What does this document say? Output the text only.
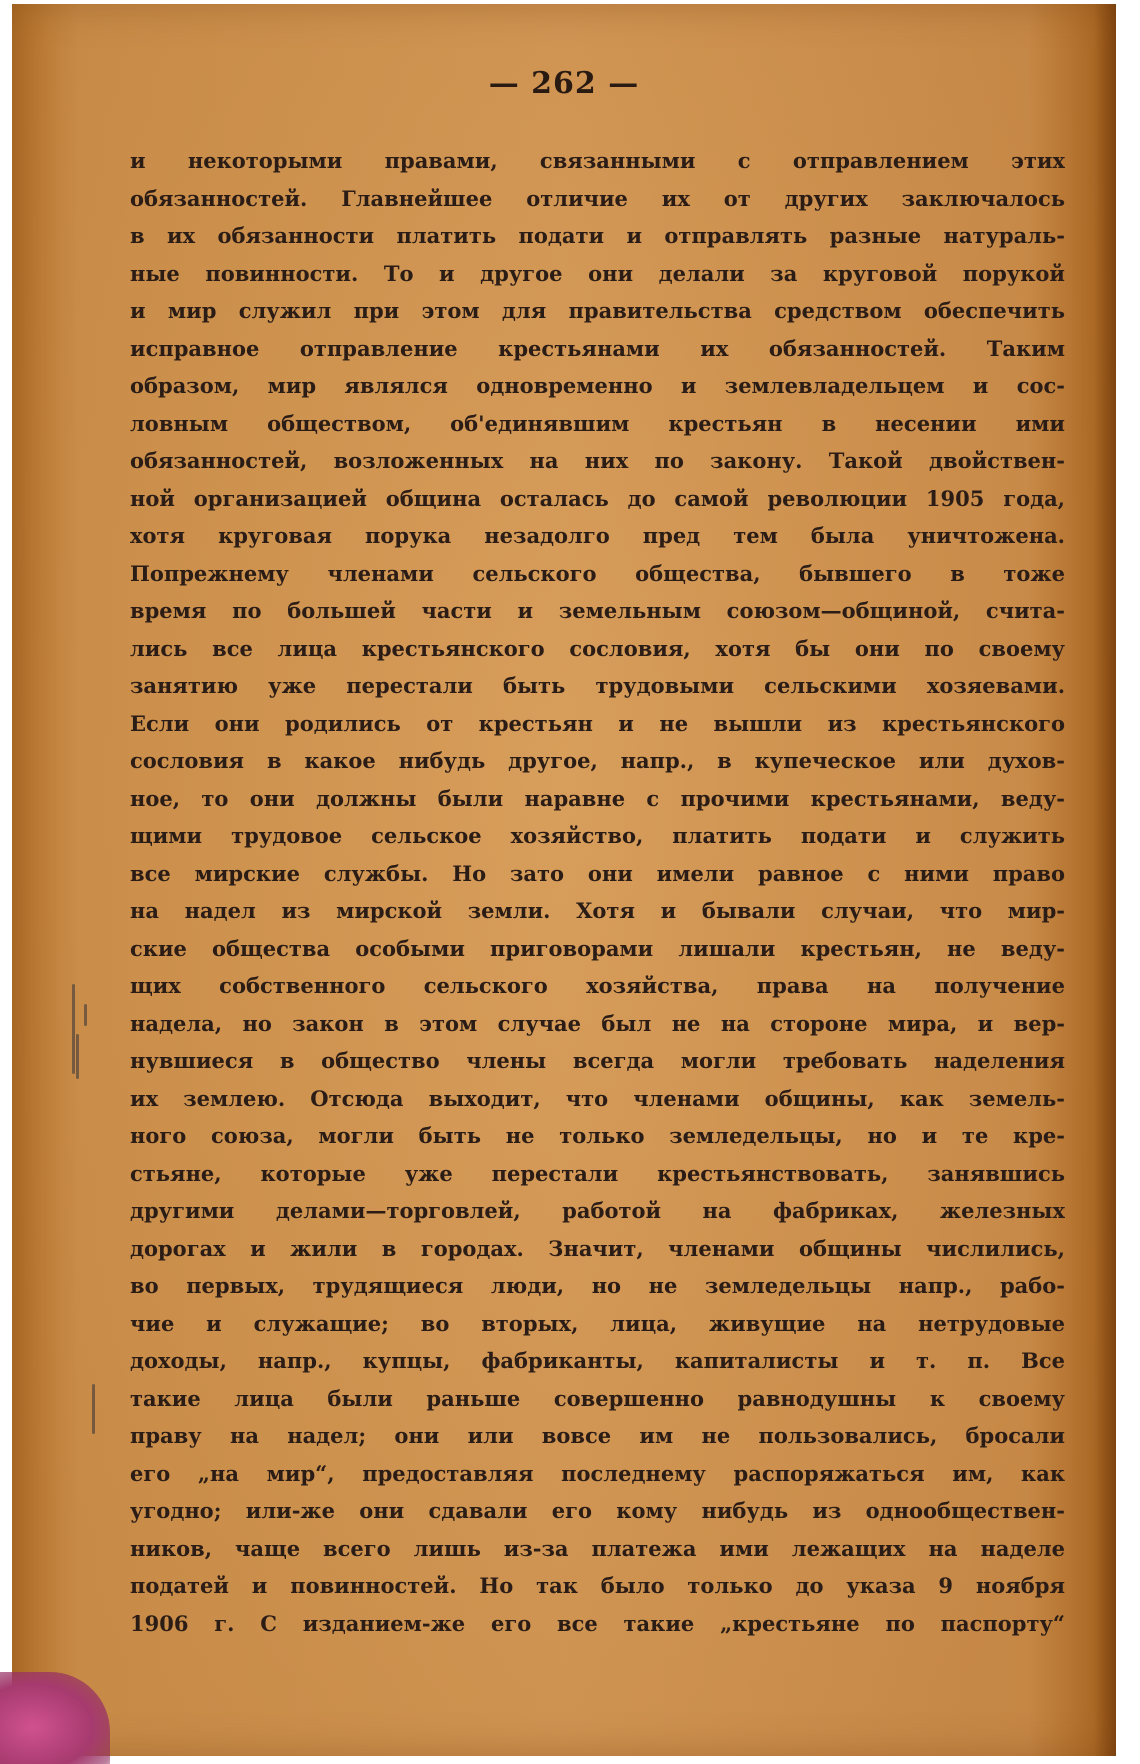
— 262 —
и некоторыми правами, связанными с отправлением этих
обязанностей. Главнейшее отличие их от других заключалось
в их обязанности платить подати и отправлять разные натураль-
ные повинности. То и другое они делали за круговой порукой
и мир служил при этом для правительства средством обеспечить
исправное отправление крестьянами их обязанностей. Таким
образом, мир являлся одновременно и землевладельцем и сос-
ловным обществом, об'единявшим крестьян в несении ими
обязанностей, возложенных на них по закону. Такой двойствен-
ной организацией община осталась до самой революции 1905 года,
хотя круговая порука незадолго пред тем была уничтожена.
Попрежнему членами сельского общества, бывшего в тоже
время по большей части и земельным союзом—общиной, счита-
лись все лица крестьянского сословия, хотя бы они по своему
занятию уже перестали быть трудовыми сельскими хозяевами.
Если они родились от крестьян и не вышли из крестьянского
сословия в какое нибудь другое, напр., в купеческое или духов-
ное, то они должны были наравне с прочими крестьянами, веду-
щими трудовое сельское хозяйство, платить подати и служить
все мирские службы. Но зато они имели равное с ними право
на надел из мирской земли. Хотя и бывали случаи, что мир-
ские общества особыми приговорами лишали крестьян, не веду-
щих собственного сельского хозяйства, права на получение
надела, но закон в этом случае был не на стороне мира, и вер-
нувшиеся в общество члены всегда могли требовать наделения
их землею. Отсюда выходит, что членами общины, как земель-
ного союза, могли быть не только земледельцы, но и те кре-
стьяне, которые уже перестали крестьянствовать, занявшись
другими делами—торговлей, работой на фабриках, железных
дорогах и жили в городах. Значит, членами общины числились,
во первых, трудящиеся люди, но не земледельцы напр., рабо-
чие и служащие; во вторых, лица, живущие на нетрудовые
доходы, напр., купцы, фабриканты, капиталисты и т. п. Все
такие лица были раньше совершенно равнодушны к своему
праву на надел; они или вовсе им не пользовались, бросали
его „на мир“, предоставляя последнему распоряжаться им, как
угодно; или-же они сдавали его кому нибудь из однообществен-
ников, чаще всего лишь из-за платежа ими лежащих на наделе
податей и повинностей. Но так было только до указа 9 ноября
1906 г. С изданием-же его все такие „крестьяне по паспорту“
